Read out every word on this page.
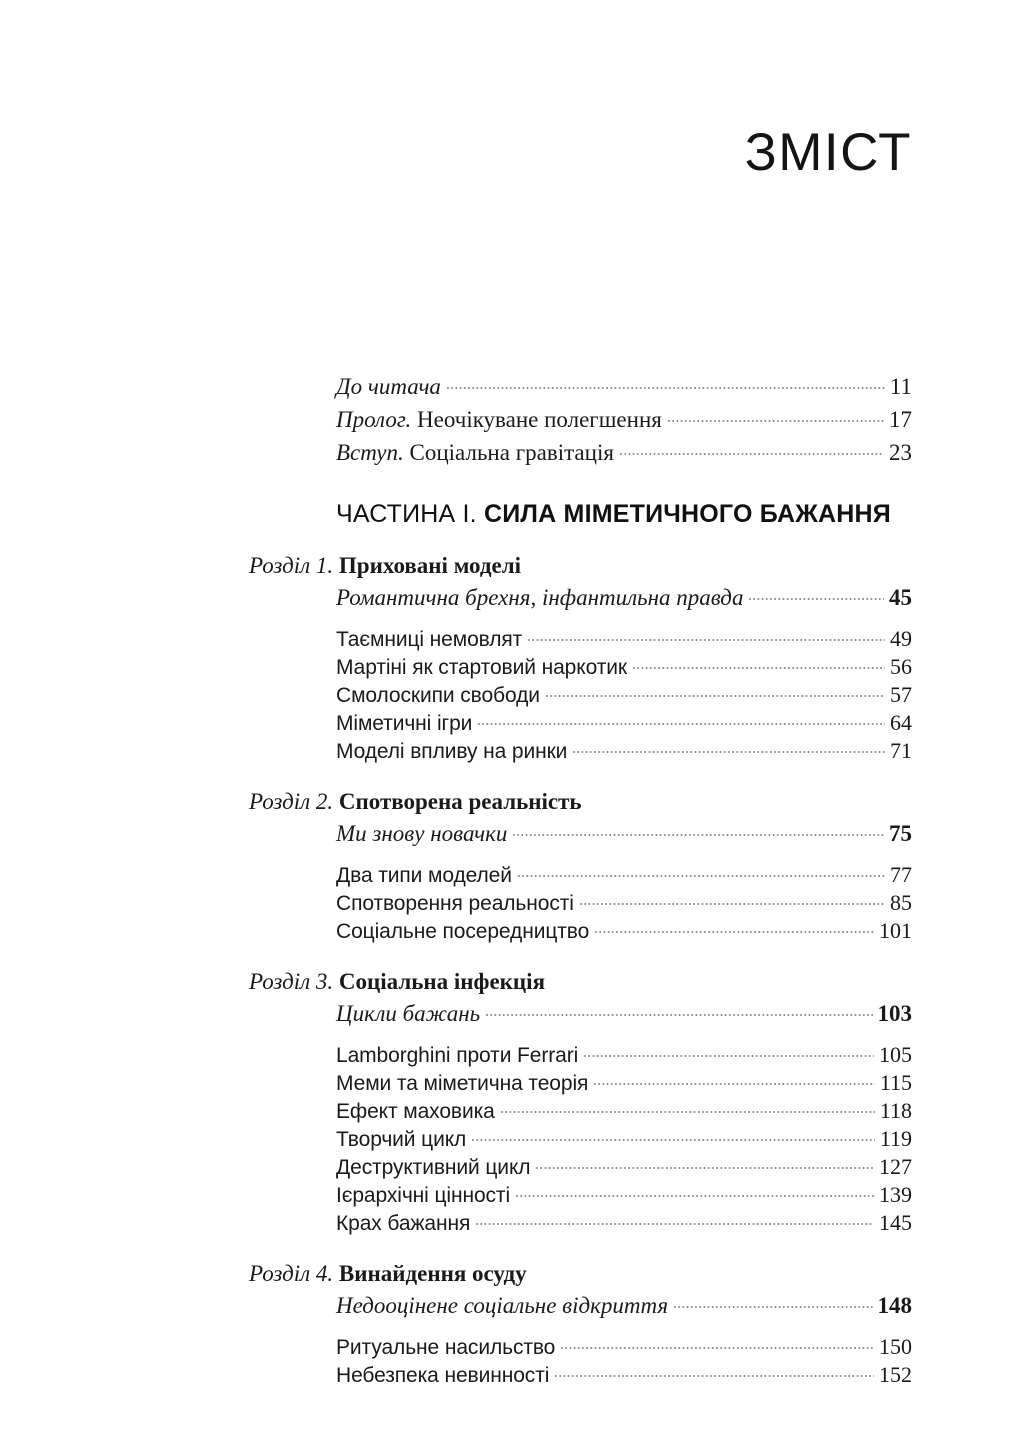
ЗМІСТ
До читача	11
Пролог. Неочікуване полегшення	17
Вступ. Соціальна гравітація	23
ЧАСТИНА I. СИЛА МІМЕТИЧНОГО БАЖАННЯ
Розділ 1. Приховані моделі
Романтична брехня, інфантильна правда	45
Таємниці немовлят	49
Мартіні як стартовий наркотик	56
Смолоскипи свободи	57
Міметичні ігри	64
Моделі впливу на ринки	71
Розділ 2. Спотворена реальність
Ми знову новачки	75
Два типи моделей	77
Спотворення реальності	85
Соціальне посередництво	101
Розділ 3. Соціальна інфекція
Цикли бажань	103
Lamborghini проти Ferrari	105
Меми та міметична теорія	115
Ефект маховика	118
Творчий цикл	119
Деструктивний цикл	127
Ієрархічні цінності	139
Крах бажання	145
Розділ 4. Винайдення осуду
Недооцінене соціальне відкриття	148
Ритуальне насильство	150
Небезпека невинності	152
